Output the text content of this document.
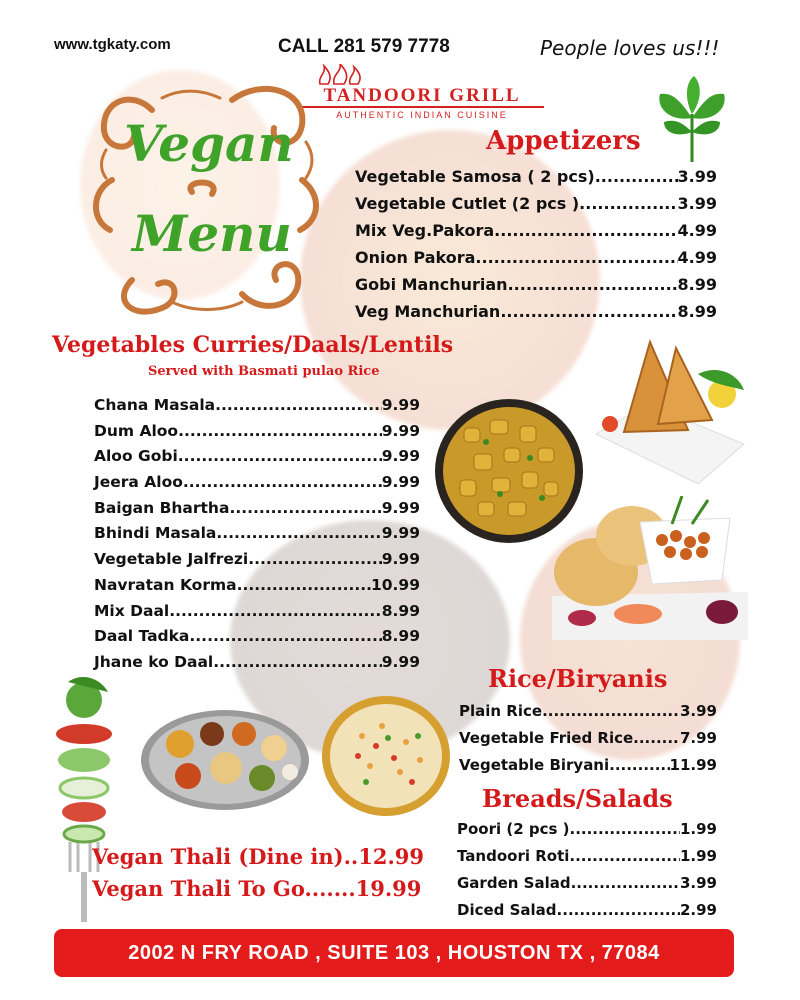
www.tgkaty.com	CALL 281 579 7778	People loves us!!!
TANDOORI GRILL
AUTHENTIC INDIAN CUISINE
Vegan
Menu
Appetizers
Vegetable Samosa ( 2 pcs) .....	3.99
Vegetable Cutlet (2 pcs ) .....	3.99
Mix Veg.Pakora .....	4.99
Onion Pakora .....	4.99
Gobi Manchurian .....	8.99
Veg Manchurian .....	8.99
Vegetables Curries/Daals/Lentils
Served with Basmati pulao Rice
Chana Masala .....	9.99
Dum Aloo .....	9.99
Aloo Gobi .....	9.99
Jeera Aloo .....	9.99
Baigan Bhartha .....	9.99
Bhindi Masala .....	9.99
Vegetable Jalfrezi .....	9.99
Navratan Korma .....	10.99
Mix Daal .....	8.99
Daal Tadka .....	8.99
Jhane ko Daal .....	9.99
Rice/Biryanis
Plain Rice .....	3.99
Vegetable Fried Rice .....	7.99
Vegetable Biryani .....	11.99
Breads/Salads
Poori (2 pcs ) .....	1.99
Tandoori Roti .....	1.99
Garden Salad .....	3.99
Diced Salad .....	2.99
Vegan Thali (Dine in)..12.99
Vegan Thali To Go.......19.99
2002 N FRY ROAD , SUITE 103 , HOUSTON TX , 77084
